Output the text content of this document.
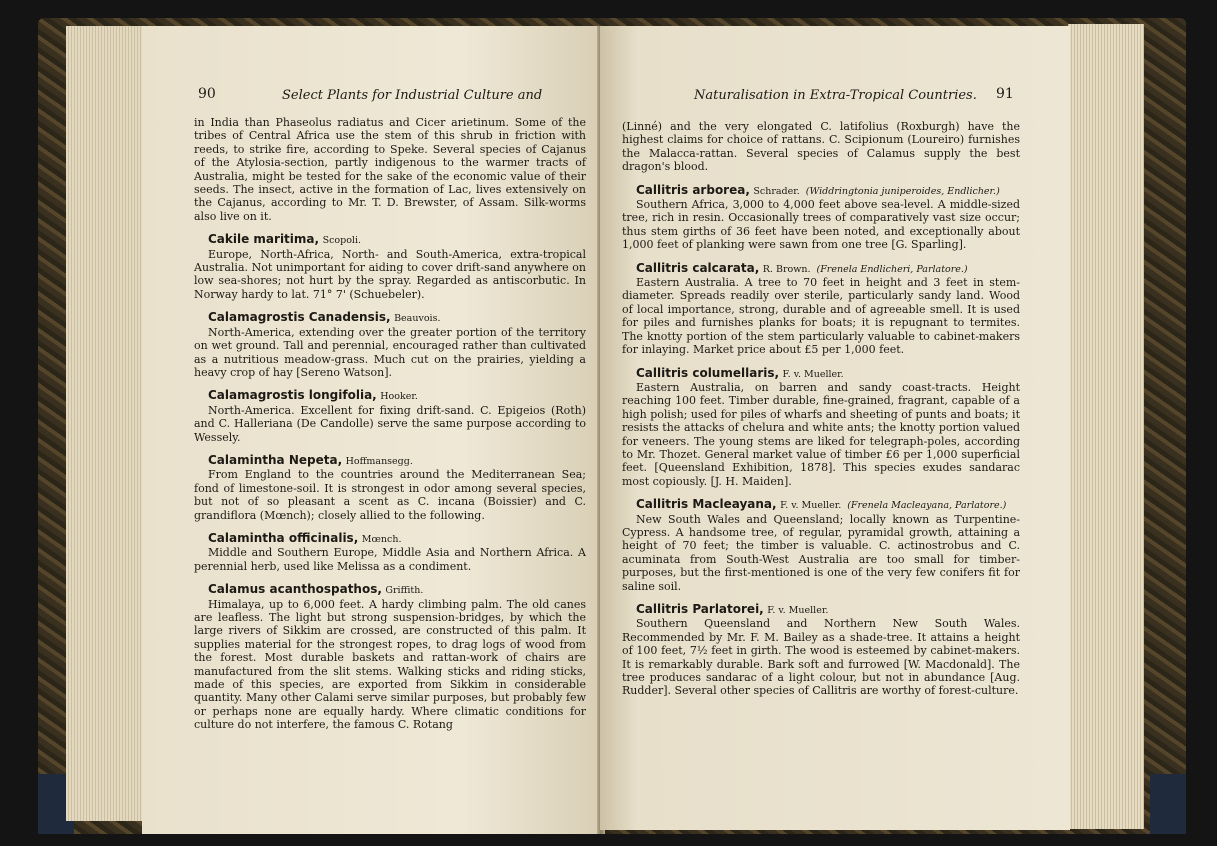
90	Select Plants for Industrial Culture and

in India than Phaseolus radiatus and Cicer arietinum. Some of the tribes of Central Africa use the stem of this shrub in friction with reeds, to strike fire, according to Speke. Several species of Cajanus of the Atylosia-section, partly indigenous to the warmer tracts of Australia, might be tested for the sake of the economic value of their seeds. The insect, active in the formation of Lac, lives extensively on the Cajanus, according to Mr. T. D. Brewster, of Assam. Silk-worms also live on it.

Cakile maritima, Scopoli.

Europe, North-Africa, North- and South-America, extra-tropical Australia. Not unimportant for aiding to cover drift-sand anywhere on low sea-shores; not hurt by the spray. Regarded as antiscorbutic. In Norway hardy to lat. 71° 7' (Schuebeler).

Calamagrostis Canadensis, Beauvois.

North-America, extending over the greater portion of the territory on wet ground. Tall and perennial, encouraged rather than cultivated as a nutritious meadow-grass. Much cut on the prairies, yielding a heavy crop of hay [Sereno Watson].

Calamagrostis longifolia, Hooker.

North-America. Excellent for fixing drift-sand. C. Epigeios (Roth) and C. Halleriana (De Candolle) serve the same purpose according to Wessely.

Calamintha Nepeta, Hoffmansegg.

From England to the countries around the Mediterranean Sea; fond of limestone-soil. It is strongest in odor among several species, but not of so pleasant a scent as C. incana (Boissier) and C. grandiflora (Mœnch); closely allied to the following.

Calamintha officinalis, Mœnch.

Middle and Southern Europe, Middle Asia and Northern Africa. A perennial herb, used like Melissa as a condiment.

Calamus acanthospathos, Griffith.

Himalaya, up to 6,000 feet. A hardy climbing palm. The old canes are leafless. The light but strong suspension-bridges, by which the large rivers of Sikkim are crossed, are constructed of this palm. It supplies material for the strongest ropes, to drag logs of wood from the forest. Most durable baskets and rattan-work of chairs are manufactured from the slit stems. Walking sticks and riding sticks, made of this species, are exported from Sikkim in considerable quantity. Many other Calami serve similar purposes, but probably few or perhaps none are equally hardy. Where climatic conditions for culture do not interfere, the famous C. Rotang

Naturalisation in Extra-Tropical Countries. 91

(Linné) and the very elongated C. latifolius (Roxburgh) have the highest claims for choice of rattans. C. Scipionum (Loureiro) furnishes the Malacca-rattan. Several species of Calamus supply the best dragon's blood.

Callitris arborea, Schrader. (Widdringtonia juniperoides, Endlicher.)

Southern Africa, 3,000 to 4,000 feet above sea-level. A middle-sized tree, rich in resin. Occasionally trees of comparatively vast size occur; thus stem girths of 36 feet have been noted, and exceptionally about 1,000 feet of planking were sawn from one tree [G. Sparling].

Callitris calcarata, R. Brown. (Frenela Endlicheri, Parlatore.)

Eastern Australia. A tree to 70 feet in height and 3 feet in stem-diameter. Spreads readily over sterile, particularly sandy land. Wood of local importance, strong, durable and of agreeable smell. It is used for piles and furnishes planks for boats; it is repugnant to termites. The knotty portion of the stem particularly valuable to cabinet-makers for inlaying. Market price about £5 per 1,000 feet.

Callitris columellaris, F. v. Mueller.

Eastern Australia, on barren and sandy coast-tracts. Height reaching 100 feet. Timber durable, fine-grained, fragrant, capable of a high polish; used for piles of wharfs and sheeting of punts and boats; it resists the attacks of chelura and white ants; the knotty portion valued for veneers. The young stems are liked for telegraph-poles, according to Mr. Thozet. General market value of timber £6 per 1,000 superficial feet. [Queensland Exhibition, 1878]. This species exudes sandarac most copiously. [J. H. Maiden].

Callitris Macleayana, F. v. Mueller. (Frenela Macleayana, Parlatore.)

New South Wales and Queensland; locally known as Turpentine-Cypress. A handsome tree, of regular, pyramidal growth, attaining a height of 70 feet; the timber is valuable. C. actinostrobus and C. acuminata from South-West Australia are too small for timber-purposes, but the first-mentioned is one of the very few conifers fit for saline soil.

Callitris Parlatorei, F. v. Mueller.

Southern Queensland and Northern New South Wales. Recommended by Mr. F. M. Bailey as a shade-tree. It attains a height of 100 feet, 7½ feet in girth. The wood is esteemed by cabinet-makers. It is remarkably durable. Bark soft and furrowed [W. Macdonald]. The tree produces sandarac of a light colour, but not in abundance [Aug. Rudder]. Several other species of Callitris are worthy of forest-culture.
